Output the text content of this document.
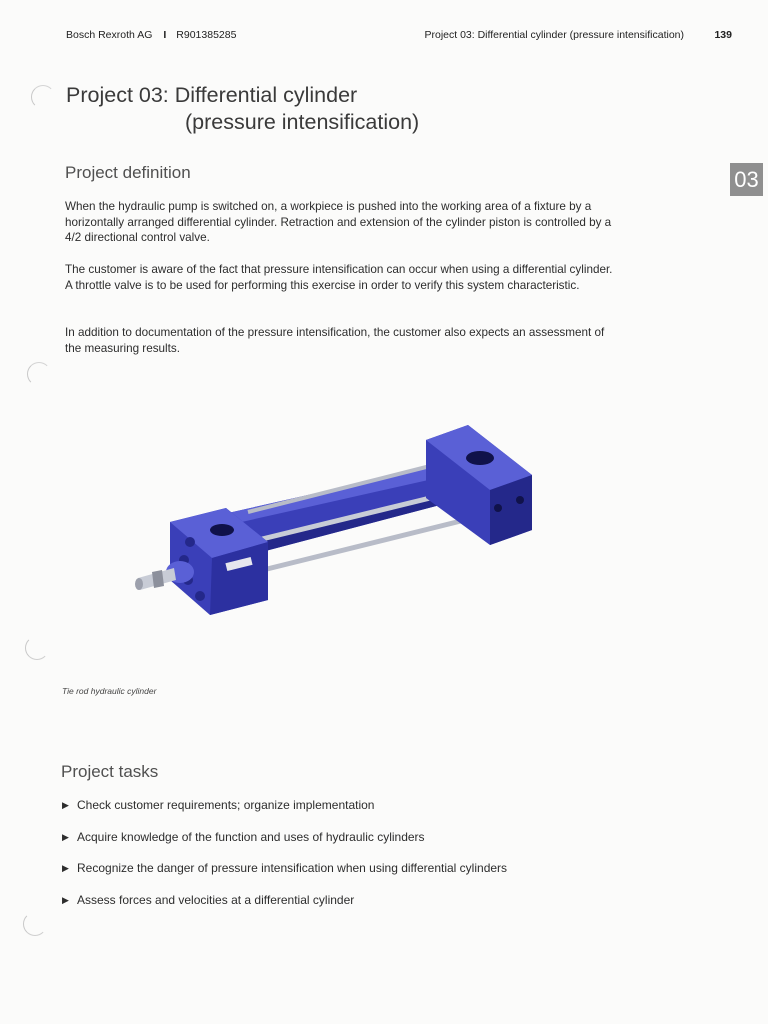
Bosch Rexroth AG I R901385285	Project 03: Differential cylinder (pressure intensification)	139
Project 03: Differential cylinder
(pressure intensification)
03
Project definition

When the hydraulic pump is switched on, a workpiece is pushed into the working area of a fixture by a horizontally arranged differential cylinder. Retraction and extension of the cylinder piston is controlled by a 4/2 directional control valve.

The customer is aware of the fact that pressure intensification can occur when using a differential cylinder. A throttle valve is to be used for performing this exercise in order to verify this system characteristic.

In addition to documentation of the pressure intensification, the customer also expects an assessment of the measuring results.

Tie rod hydraulic cylinder
Project tasks
▶ Check customer requirements; organize implementation
▶ Acquire knowledge of the function and uses of hydraulic cylinders
▶ Recognize the danger of pressure intensification when using differential cylinders
▶ Assess forces and velocities at a differential cylinder
